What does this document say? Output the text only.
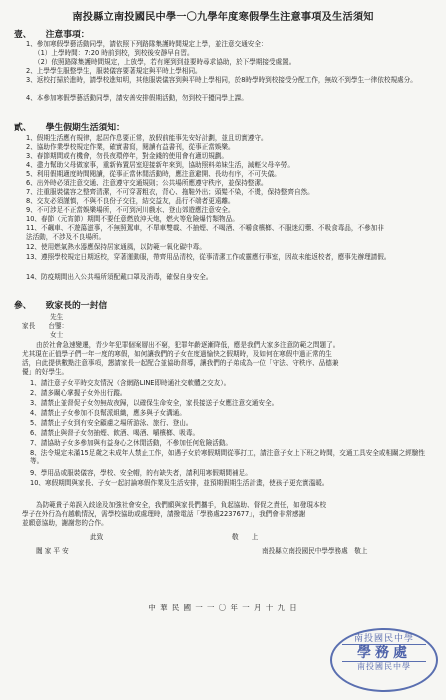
南投縣立南投國民中學一〇九學年度寒假學生注意事項及生活須知
壹、 注意事項：
1、參加寒假學藝活動同學，請依照下列路隊集護時間規定上學，並注意交通安全：
（1）上學時間：7:20 時前到校，到校後安靜早自習。
（2）依照路隊集護時間規定，上放學，若有遲到到並要時尋求協助，於下學期接受處置。
2、上學學生服整學生，服裝儀容要著規定與平時上學相同。
3、返校打掃於進時，請學校進知明，其他服裝儀容到與平時上學相同，於8時學時到校接受分配工作，無故不到學生一律依校規處分。
4、本參加寒假學藝活動同學，請安善安排假期活動，勿到校干擾同學上課。
貳、 學生假期生活須知：
1、假期生活應有規律，起居作息要正常，放假前能事先安好計劃，並且切實遵守。
2、協助作業學校規定作業，確實書寫，閱讀有益書刊，從事正當娛樂。
3、春節期間或有機會，勿長夜環停年，對金錢的使用會有適切規劃。
4、盡力幫助父母做家事，重新佈置居室迎接新年來到，協助照料弟妹生活，減輕父母辛勞。
5、利用假期適度時間閱讀，從事正當休閒活動時，應注意避開、長幼有序，不可失儀。
6、出外時必須注意交通、注意遵守交通規則；公共場所應遵守秩序，並保持整潔。
7、注重服裝儀容之整齊清潔，不可穿著粗衣，背心、拖鞋外出；頭髮不染，不燙，保持整齊自然。
8、交友必須謹慎，不與不良份子交往，結交益友，品行不端者更遠離。
9、不可涉足不正當娛樂場所，不可到河川戲水、登山郊遊應注意安全。
10、春節（元宵節）期間不要任意燃放沖天炮，燃火等危險爆竹類物品。
11、不飆車、不遊蕩滋事，不無照駕車，不單車雙載、不抽煙、不喝酒、不嚼食檳榔、不服迷幻藥、不吸食毒品，不參加非
法活動，不涉及不良場所。
12、使用燃氣熱水器應保持居家通風，以防範一氧化碳中毒。
13、遵照學校規定日期返校，穿著運動服，帶齊用品清校，從事清潔工作或靈應行事室，因故未能返校者，應事先辦理請假。
14、防疫期間出入公共場所須配戴口罩及消毒，確保自身安全。
參、 致家長的一封信
先生
家長　　台鑒：
女士
由於社會急速變遷，青少年犯罪個案層出不窮，犯罪年齡逐漸降低，應是我們大家多注意防範之問題了。
尤其現在正值學子們一年一度的寒假，如何讓我們的子女在度過愉快之假期時，及如何在寒假中過正常的生
活，自此提供數點注意事項，懇請家長一起配合並協助督導，讓我們的子弟成為一位「守法、守秩序、品德兼
優」的好學生。
1、請注意子女平時交友情況（含網路LINE即時通社交軟體之交友）。
2、請多關心掌握子女外出行蹤。
3、請禁止並督促子女勿無故夜歸，以確保生命安全，家長接送子女應注意交通安全。
4、請禁止子女參加不良幫派組織，應多與子女溝通。
5、請禁止子女到有安全顧慮之場所游泳、旅行、登山。
6、請禁止與督子女勿抽煙、飲酒、喝酒、嚼檳榔、吸毒。
7、請協助子女多參加與有益身心之休閒活動，不參加任何危險活動。
8、法令規定未滿15足歲之未成年人禁止工作，如遇子女於寒假期間從事打工，請注意子女上下班之時間，交通工具安全或相關之經驗性等。
9、學用品或服裝儀容，學校、安全帽，的有缺失者，請利用寒假期間補足。
10、寒假期間與家長、子女一起討論寒假作業及生活安排，並預期假期生活計畫，使孩子更充實溫暖。
為防範貴子弟誤入歧途及加強社會安全，我們願與家長們攜手，負起協助、督促之責任，如發現本校
學子在外行為有越軌情況，需學校協助或處理時，請撥電話「學務處2237677」，我們會非常感謝
並願意協助，謝謝您的合作。
此致	敬　　上
闔 家 平 安	南投縣立南投國民中學學務處　敬上
中 華 民 國 一 一 〇 年 一 月 十 九 日
南投國民中學
學務處
南投國民中學
